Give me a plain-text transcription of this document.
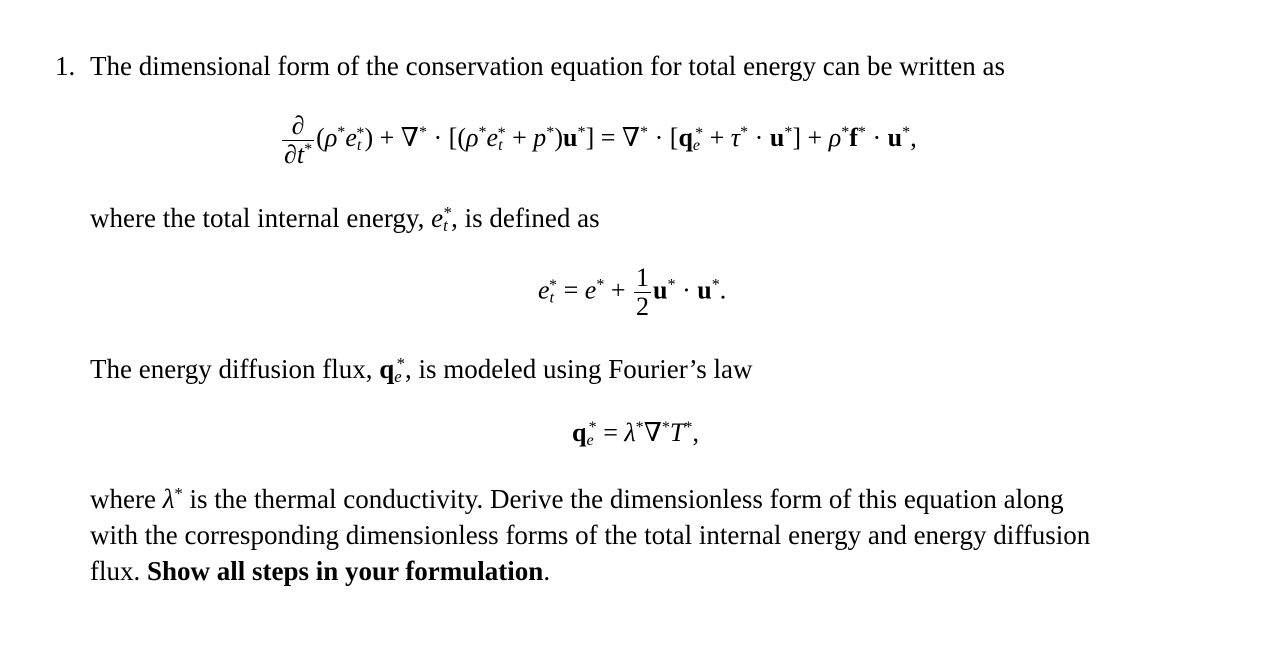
1. The dimensional form of the conservation equation for total energy can be written as
$\frac{\partial}{\partial t^*} (\rho^*e_t^*) + \nabla^* \cdot [(\rho^*e_t^* + p^*)u^*] = \nabla^* \cdot [q_e^* + \tau^* \cdot u^*] + \rho^*f^* \cdot u^*$,
where the total internal energy, $e_t^*$, is defined as
$e_t^* = e^* + \frac{1}{2} u^* \cdot u^*$.
The energy diffusion flux, $q_e^*$, is modeled using Fourier’s law
$q_e^* = \lambda^*\nabla^*T^*$,
where λ* is the thermal conductivity. Derive the dimensionless form of this equation along
with the corresponding dimensionless forms of the total internal energy and energy diffusion
flux. Show all steps in your formulation.
